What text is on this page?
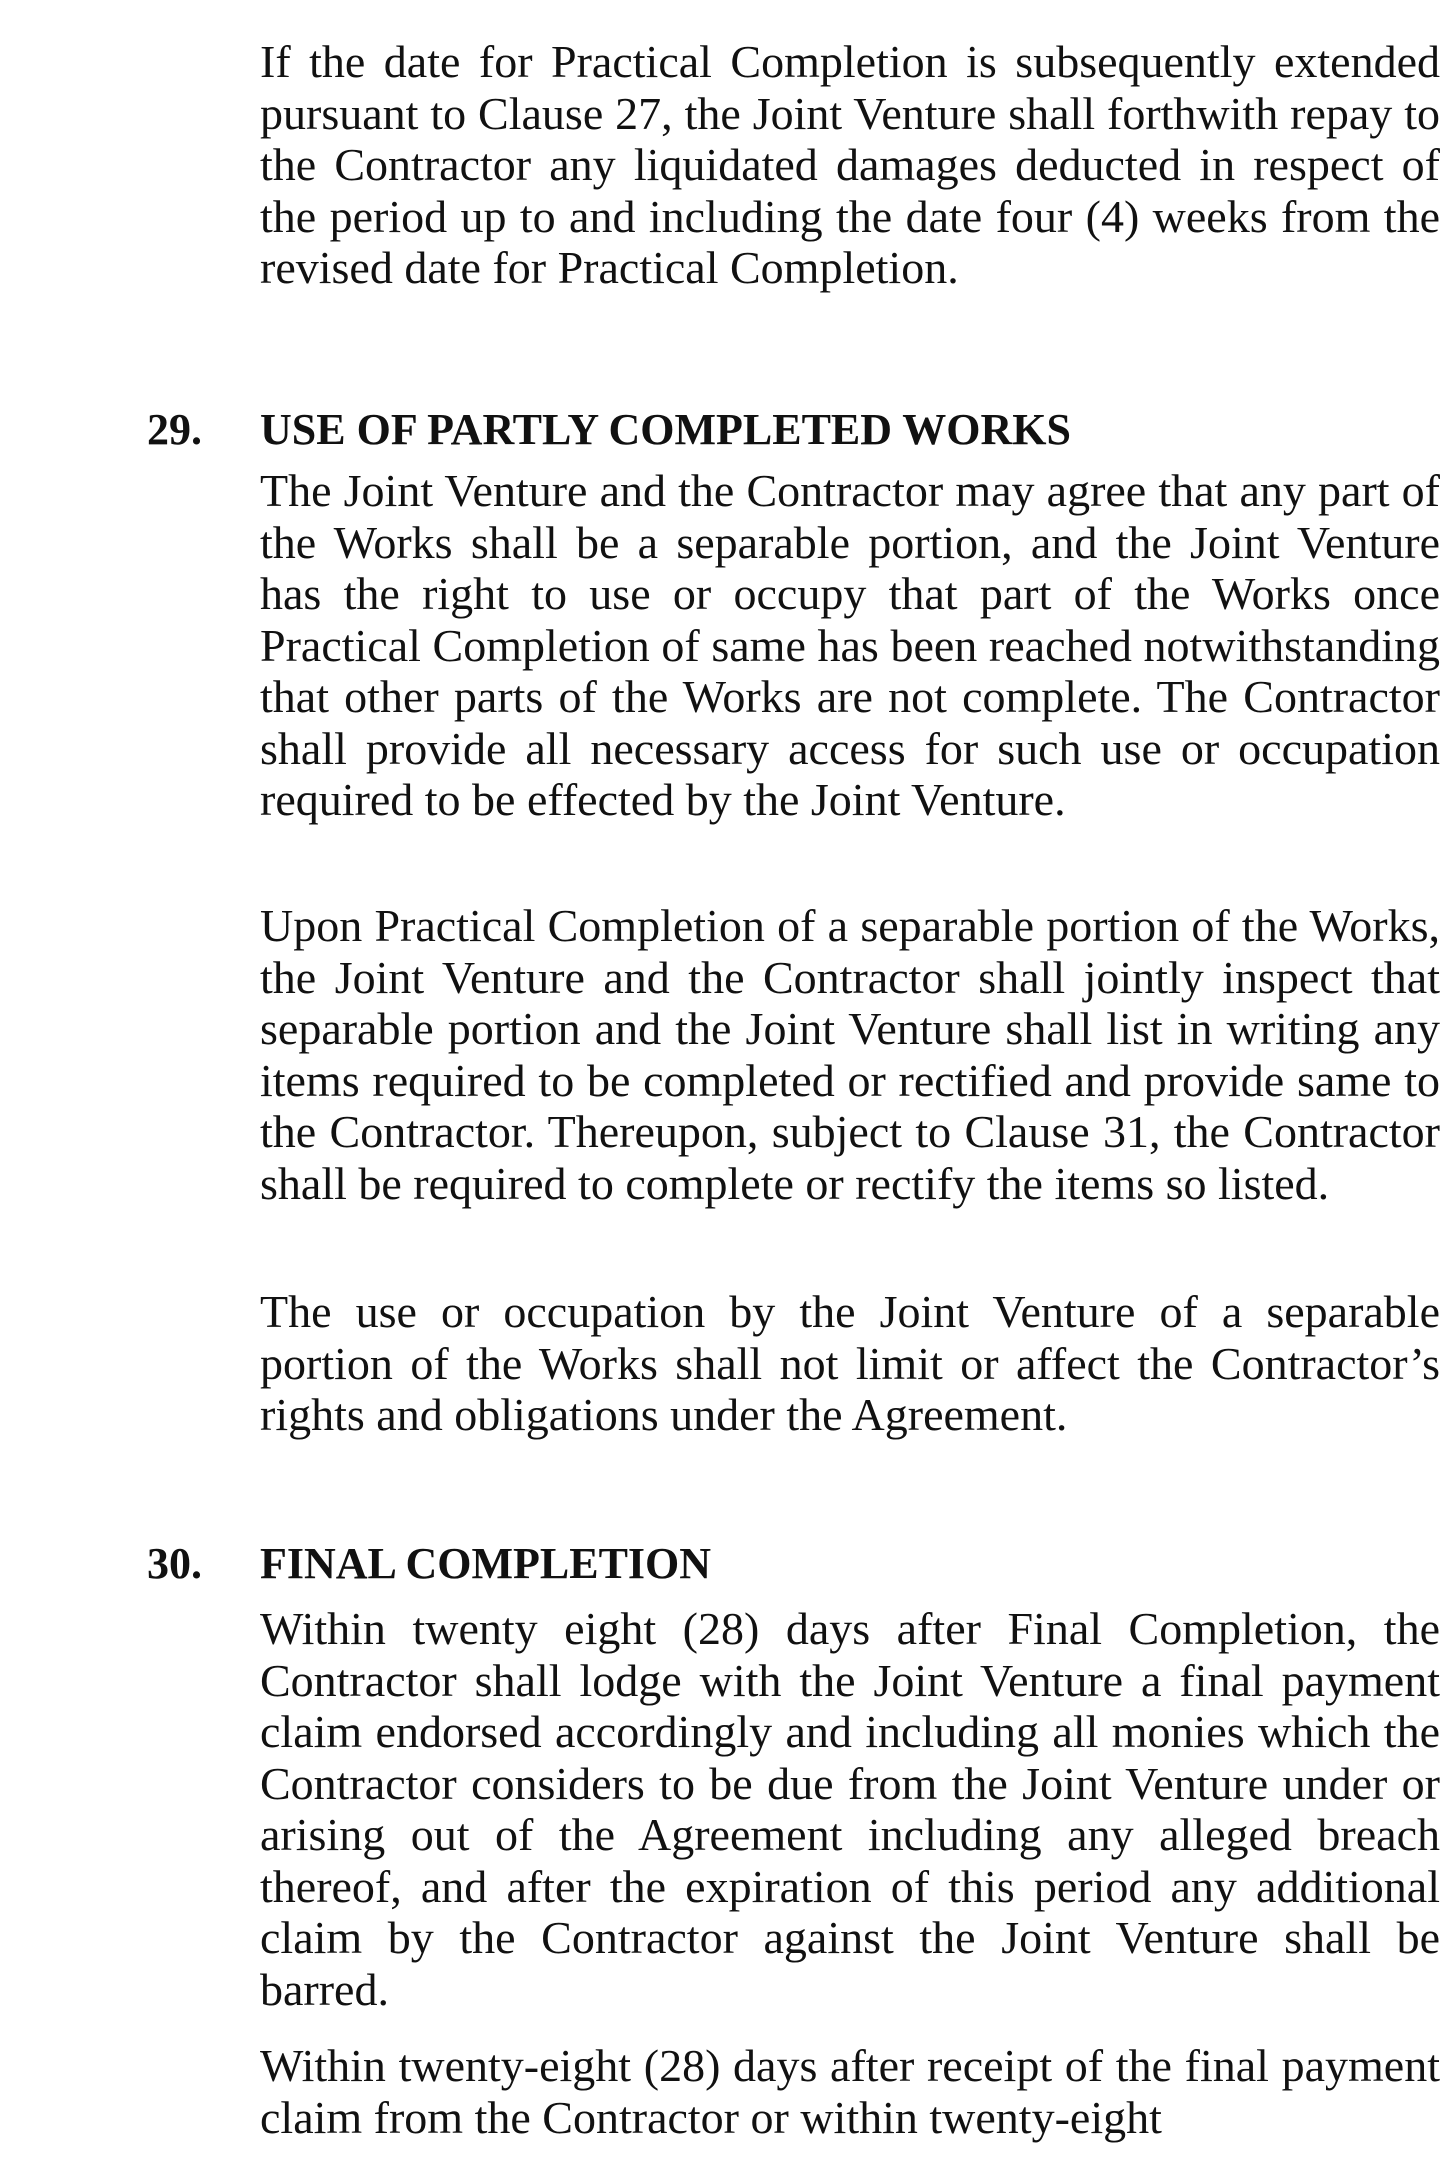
If the date for Practical Completion is subsequently extended pursuant to Clause 27, the Joint Venture shall forthwith repay to the Contractor any liquidated damages deducted in respect of the period up to and including the date four (4) weeks from the revised date for Practical Completion.

29. USE OF PARTLY COMPLETED WORKS

The Joint Venture and the Contractor may agree that any part of the Works shall be a separable portion, and the Joint Venture has the right to use or occupy that part of the Works once Practical Completion of same has been reached notwithstanding that other parts of the Works are not complete. The Contractor shall provide all necessary access for such use or occupation required to be effected by the Joint Venture.

Upon Practical Completion of a separable portion of the Works, the Joint Venture and the Contractor shall jointly inspect that separable portion and the Joint Venture shall list in writing any items required to be completed or rectified and provide same to the Contractor. Thereupon, subject to Clause 31, the Contractor shall be required to complete or rectify the items so listed.

The use or occupation by the Joint Venture of a separable portion of the Works shall not limit or affect the Contractor’s rights and obligations under the Agreement.

30. FINAL COMPLETION

Within twenty eight (28) days after Final Completion, the Contractor shall lodge with the Joint Venture a final payment claim endorsed accordingly and including all monies which the Contractor considers to be due from the Joint Venture under or arising out of the Agreement including any alleged breach thereof, and after the expiration of this period any additional claim by the Contractor against the Joint Venture shall be barred.

Within twenty-eight (28) days after receipt of the final payment claim from the Contractor or within twenty-eight
